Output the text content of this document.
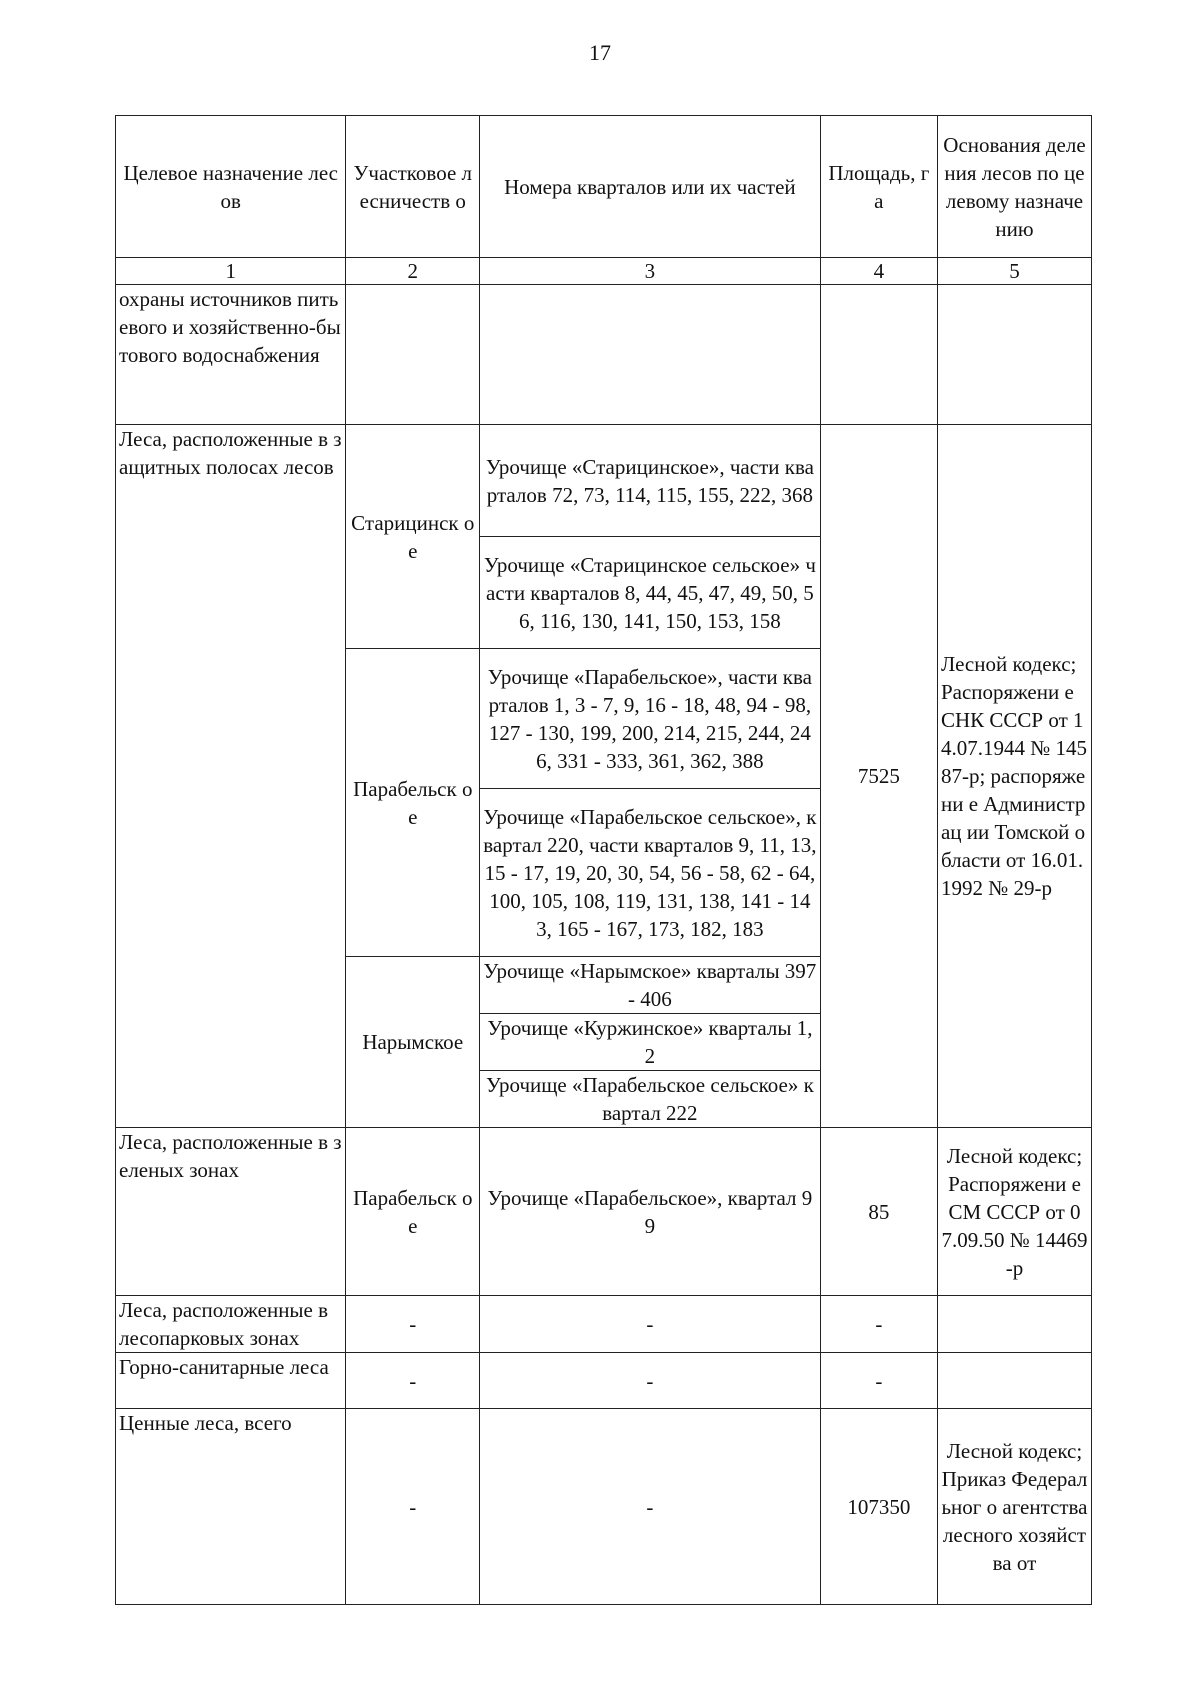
17
Целевое назначение лесов	Участковое лесничеств о	Номера кварталов или их частей	Площадь, га	Основания деления лесов по целевому назначению
1	2	3	4	5
охраны источников питьевого и хозяйственно-бытового водоснабжения				
Леса, расположенные в защитных полосах лесов	Старицинск ое	Урочище «Старицинское», части кварталов 72, 73, 114, 115, 155, 222, 368	7525	Лесной кодекс; Распоряжени е СНК СССР от 14.07.1944 № 14587-р; распоряжени е Администрац ии Томской области от 16.01.1992 № 29-р
		Урочище «Старицинское сельское» части кварталов 8, 44, 45, 47, 49, 50, 56, 116, 130, 141, 150, 153, 158		
	Парабельск ое	Урочище «Парабельское», части кварталов 1, 3 - 7, 9, 16 - 18, 48, 94 - 98, 127 - 130, 199, 200, 214, 215, 244, 246, 331 - 333, 361, 362, 388		
		Урочище «Парабельское сельское», квартал 220, части кварталов 9, 11, 13, 15 - 17, 19, 20, 30, 54, 56 - 58, 62 - 64, 100, 105, 108, 119, 131, 138, 141 - 143, 165 - 167, 173, 182, 183		
	Нарымское	Урочище «Нарымское» кварталы 397 - 406		
		Урочище «Куржинское» кварталы 1, 2		
		Урочище «Парабельское сельское» квартал 222		
Леса, расположенные в зеленых зонах	Парабельск ое	Урочище «Парабельское», квартал 99	85	Лесной кодекс; Распоряжени е СМ СССР от 07.09.50 № 14469-р
Леса, расположенные в лесопарковых зонах	-	-	-	
Горно-санитарные леса	-	-	-	
Ценные леса, всего	-	-	107350	Лесной кодекс; Приказ Федеральног о агентства лесного хозяйства от
